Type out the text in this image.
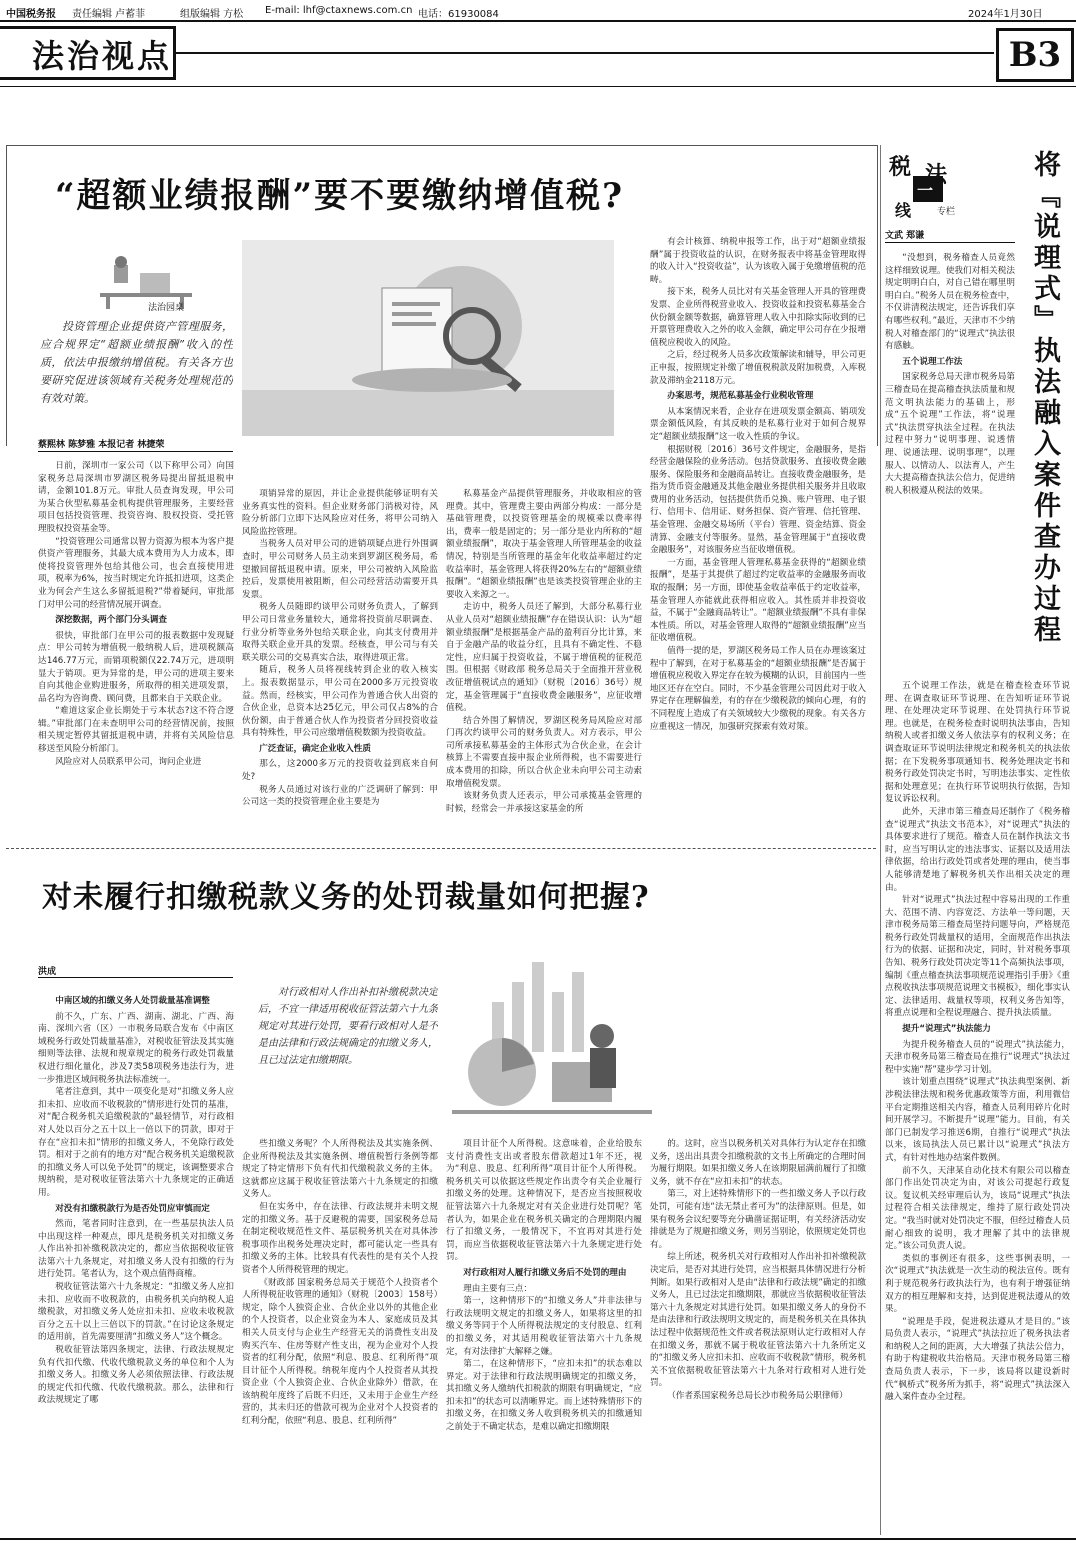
中国税务报 责任编辑 卢蓄菲	组版编辑 方松 E-mail: lhf@ctaxnews.com.cn 电话：61930084	2024年1月30日
法治视点	B3
“超额业绩报酬”要不要缴纳增值税?
法治园桌

投资管理企业提供资产管理服务，应合规界定“超额业绩报酬”收入的性质，依法申报缴纳增值税。有关各方也要研究促进该领域有关税务处理规范的有效对策。

蔡熙林 陈梦雅 本报记者 林捷荣

日前，深圳市一家公司（以下称甲公司）向国家税务总局深圳市罗湖区税务局提出留抵退税申请，金额101.8万元。审批人员查询发现，甲公司为某合伙型私募基金机构提供管理服务，主要经营项目包括投资管理、投资咨询、股权投资、受托管理股权投资基金等。

“投资管理公司通常以智力资源为根本为客户提供资产管理服务，其最大成本费用为人力成本，即使将投资管理外包给其他公司，也会直接使用进项，税率为6%，按当时规定允许抵扣进项，这类企业为何会产生这么多留抵退税?”带着疑问，审批部门对甲公司的经营情况展开调查。

深挖数据，两个部门分头调查

很快，审批部门在甲公司的报表数据中发现疑点：甲公司转为增值税一般纳税人后，进项税额高达146.77万元，而销项税额仅22.74万元，进项明显大于销项。更为异常的是，甲公司的进项主要来自向其他企业购进服务，所取得的相关进项发票，品名均为咨询费、顾问费，且都来自于关联企业。

“难道这家企业长期处于亏本状态?这不符合逻辑。”审批部门在未查明甲公司的经营情况前，按照相关规定暂停其留抵退税申请，并将有关风险信息移送至风险分析部门。

风险应对人员联系甲公司，询问企业进

项销异常的原因，并让企业提供能够证明有关业务真实性的资料。但企业财务部门消极对待，风险分析部门立即下达风险应对任务，将甲公司纳入风险监控管理。

当税务人员对甲公司的进销项疑点进行外围调查时，甲公司财务人员主动来到罗湖区税务局，希望撤回留抵退税申请。原来，甲公司被纳入风险监控后，发票使用被阻断，但公司经营活动需要开具发票。

税务人员随即约谈甲公司财务负责人，了解到甲公司日常业务量较大，通常将投资前尽职调查、行业分析等业务外包给关联企业，向其支付费用并取得关联企业开具的发票。经核查，甲公司与有关联关联公司的交易真实合法，取得进项正常。

随后，税务人员将视线转到企业的收入核实上。报表数据显示，甲公司在2000多万元投资收益。然而，经核实，甲公司作为普通合伙人出资的合伙企业，总资本达25亿元，甲公司仅占8%的合伙份额，由于普通合伙人作为投资者分回投资收益具有特殊性，甲公司应缴增值税数额为投资收益。

广泛查证，确定企业收入性质

那么，这2000多万元的投资收益到底来自何处?

税务人员通过对该行业的广泛调研了解到：甲公司这一类的投资管理企业主要是为

私募基金产品提供管理服务，并收取相应的管理费。其中，管理费主要由两部分构成：一部分是基础管理费，以投资管理基金的规模乘以费率得出，费率一般是固定的；另一部分是业内所称的“超额业绩报酬”，取决于基金管理人所管理基金的收益情况，特别是当所管理的基金年化收益率超过约定收益率时，基金管理人将获得20%左右的“超额业绩报酬”。“超额业绩报酬”也是该类投资管理企业的主要收入来源之一。

走访中，税务人员还了解到，大部分私募行业从业人员对“超额业绩报酬”存在错误认识：认为“超额业绩报酬”是根据基金产品的盈利百分比计算，来自于金融产品的收益分红，且具有不确定性、不稳定性，应归属于投资收益，不属于增值税的征税范围。但根据《财政部 税务总局关于全面推开营业税改征增值税试点的通知》（财税〔2016〕36号）规定，基金管理属于“直接收费金融服务”，应征收增值税。

结合外围了解情况，罗湖区税务局风险应对部门再次约谈甲公司的财务负责人。对方表示，甲公司所承接私募基金的主体形式为合伙企业，在会计核算上不需要直接申报企业所得税，也不需要进行成本费用的扣除，所以合伙企业未向甲公司主动索取增值税发票。

该财务负责人还表示，甲公司承揽基金管理的时候，经常会一并承接这家基金的所

有会计核算、纳税申报等工作，出于对“超额业绩报酬”属于投资收益的认识，在财务报表中将基金管理取得的收入计入“投资收益”，认为该收入属于免缴增值税的范畴。

接下来，税务人员比对有关基金管理人开具的管理费发票、企业所得税营业收入、投资收益和投资私募基金合伙份额金额等数据，确算管理人收入中扣除实际收到的已开票管理费收入之外的收入金额，确定甲公司存在少报增值税应税收入的风险。

之后，经过税务人员多次政策解读和辅导，甲公司更正申报，按照规定补缴了增值税税款及附加税费，入库税款及滞纳金2118万元。

办案思考，规范私募基金行业税收管理

从本案情况来看，企业存在进项发票金额高、销项发票金额低风险，有其反映的是私募行业对于如何合规界定“超额业绩报酬”这一收入性质的争议。

根据财税〔2016〕36号文件规定，金融服务，是指经营金融保险的业务活动。包括贷款服务、直接收费金融服务、保险服务和金融商品转让。直接收费金融服务，是指为货币资金融通及其他金融业务提供相关服务并且收取费用的业务活动，包括提供货币兑换、账户管理、电子银行、信用卡、信用证、财务担保、资产管理、信托管理、基金管理、金融交易场所（平台）管理、资金结算、资金清算、金融支付等服务。显然，基金管理属于“直接收费金融服务”，对该服务应当征收增值税。

一方面，基金管理人管理私募基金获得的“超额业绩报酬”，是基于其提供了超过约定收益率的金融服务而收取的报酬；另一方面，即使基金收益率低于约定收益率，基金管理人亦能就此获得相应收入。其性质并非投资收益，不属于“金融商品转让”。“超额业绩报酬”不具有非保本性质。所以，对基金管理人取得的“超额业绩报酬”应当征收增值税。

值得一提的是，罗湖区税务局工作人员在办理该案过程中了解到，在对于私募基金的“超额业绩报酬”是否属于增值税应税收入界定存在较为模糊的认识，目前国内一些地区还存在空白。同时，不少基金管理公司因此对于收入界定存在理解偏差，有的存在少缴税款的倾向心理，有的不同程度上造成了有关领域较大少缴税的现象。有关各方应重视这一情况，加强研究探索有效对策。

对未履行扣缴税款义务的处罚裁量如何把握?
洪成

对行政相对人作出补扣补缴税款决定后，不宜一律适用税收征管法第六十九条规定对其进行处罚，要看行政相对人是不是由法律和行政法规确定的扣缴义务人，且已过法定扣缴期限。

中南区域的扣缴义务人处罚裁量基准调整

前不久，广东、广西、湖南、湖北、广西、海南、深圳六省（区）一市税务局联合发布《中南区域税务行政处罚裁量基准》，对税收征管法及其实施细则等法律、法规和规章规定的税务行政处罚裁量权进行细化量化，涉及7类58项税务违法行为，进一步推进区域间税务执法标准统一。

笔者注意到，其中一项变化是对“扣缴义务人应扣未扣、应收而不收税款的”情形进行处罚的基准，对“配合税务机关追缴税款的”最轻情节，对行政相对人处以百分之五十以上一倍以下的罚款，即对于存在“应扣未扣”情形的扣缴义务人，不免除行政处罚。相对于之前有的地方对“配合税务机关追缴税款的扣缴义务人可以免予处罚”的规定，该调整要求合规纳税，是对税收征管法第六十九条规定的正确适用。

对没有扣缴税款行为是否处罚应审慎而定

然而，笔者同时注意到，在一些基层执法人员中出现这样一种观点，即凡是税务机关对扣缴义务人作出补扣补缴税款决定的，都应当依据税收征管法第六十九条规定，对扣缴义务人没有扣缴的行为进行处罚。笔者认为，这个观点值得商榷。

税收征管法第六十九条规定：“扣缴义务人应扣未扣、应收而不收税款的，由税务机关向纳税人追缴税款，对扣缴义务人处应扣未扣、应收未收税款百分之五十以上三倍以下的罚款。”在讨论这条规定的适用前，首先需要厘清“扣缴义务人”这个概念。

税收征管法第四条规定，法律、行政法规规定负有代扣代缴、代收代缴税款义务的单位和个人为扣缴义务人。扣缴义务人必须依照法律、行政法规的规定代扣代缴、代收代缴税款。那么，法律和行政法规规定了哪

些扣缴义务呢？个人所得税法及其实施条例、企业所得税法及其实施条例、增值税暂行条例等都规定了特定情形下负有代扣代缴税款义务的主体。这就都应这属于税收征管法第六十九条规定的扣缴义务人。

但在实务中，存在法律、行政法规并未明文规定的扣缴义务。基于反避税的需要，国家税务总局在制定税收规范性文件、基层税务机关在对具体涉税事项作出税务处理决定时，都可能认定一些具有扣缴义务的主体。比较具有代表性的是有关个人投资者个人所得税管理的规定。

《财政部 国家税务总局关于规范个人投资者个人所得税征收管理的通知》（财税〔2003〕158号）规定，除个人独资企业、合伙企业以外的其他企业的个人投资者，以企业资金为本人、家庭成员及其相关人员支付与企业生产经营无关的消费性支出及购买汽车、住房等财产性支出，视为企业对个人投资者的红利分配，依照“利息、股息、红利所得”项目计征个人所得税。纳税年度内个人投资者从其投资企业（个人独资企业、合伙企业除外）借款，在该纳税年度终了后既不归还，又未用于企业生产经营的，其未归还的借款可视为企业对个人投资者的红利分配，依照“利息、股息、红利所得”

项目计征个人所得税。这意味着，企业给股东支付消费性支出或者股东借款超过1年不还，视为“利息、股息、红利所得”项目计征个人所得税。税务机关可以依据这些规定作出责令有关企业履行扣缴义务的处理。这种情况下，是否应当按照税收征管法第六十九条规定对有关企业进行处罚呢？笔者认为，如果企业在税务机关确定的合理期限内履行了扣缴义务，一般情况下，不宜再对其进行处罚，而应当依据税收征管法第六十九条规定进行处罚。

对行政相对人履行扣缴义务后不处罚的理由

理由主要有三点：

第一，这种情形下的“扣缴义务人”并非法律与行政法规明文规定的扣缴义务人，如果将这里的扣缴义务等同于个人所得税法规定的支付股息、红利的扣缴义务，对其适用税收征管法第六十九条规定，有对法律扩大解释之嫌。

第二，在这种情形下，“应扣未扣”的状态难以界定。对于法律和行政法规明确规定的扣缴义务，其扣缴义务人缴纳代扣税款的期限有明确规定，“应扣未扣”的状态可以清晰界定。而上述特殊情形下的扣缴义务，在扣缴义务人收到税务机关的扣缴通知之前处于不确定状态，是难以确定扣缴期限

的。这时，应当以税务机关对具体行为认定存在扣缴义务，送出出具责令扣缴税款的文书上所确定的合理时间为履行期限。如果扣缴义务人在该期限届满前履行了扣缴义务，就不存在“应扣未扣”的状态。

第三，对上述特殊情形下的一些扣缴义务人予以行政处罚，可能有违“法无禁止者可为”的法律原则。但是，如果有税务会议纪要等充分确凿证据证明，有关经济活动安排就是为了规避扣缴义务，则另当别论，依照规定处罚也有。

综上所述，税务机关对行政相对人作出补扣补缴税款决定后，是否对其进行处罚，应当根据具体情况进行分析判断。如果行政相对人是由“法律和行政法规”确定的扣缴义务人，且已过法定扣缴期限，那就应当依据税收征管法第六十九条规定对其进行处罚。如果扣缴义务人的身份不是由法律和行政法规明文规定的，而是税务机关在具体执法过程中依据规范性文件或者税法原则认定行政相对人存在扣缴义务，那就不属于税收征管法第六十九条所定义的“扣缴义务人应扣未扣、应收而不收税款”情形，税务机关不宜依据税收征管法第六十九条对行政相对人进行处罚。

（作者系国家税务总局长沙市税务局公职律师）

税 法
一
线	专栏	将『说理式』执法融入案件查办过程
文武 郑谦

“没想到，税务稽查人员竟然这样细致说理。使我们对相关税法规定明明白白，对自己错在哪里明明白白。”税务人员在税务检查中，不仅讲清税法规定，还告诉我们享有哪些权利。”最近，天津市不少纳税人对稽查部门的“说理式”执法很有感触。

五个说理工作法

国家税务总局天津市税务局第三稽查局在提高稽查执法质量和规范文明执法能力的基础上，形成“五个说理”工作法，将“说理式”执法贯穿执法全过程。在执法过程中努力“说明事理、说透情理、说通法理、说明事理”，以理服人、以情动人、以法育人，产生大大提高稽查执法公信力，促进纳税人积极遵从税法的效果。

五个说理工作法，就是在稽查检查环节说理、在调查取证环节说理、在告知听证环节说理、在处理决定环节说理、在处罚执行环节说理。也就是，在税务检查时说明执法事由，告知纳税人或者扣缴义务人依法享有的权利义务；在调查取证环节说明法律规定和税务机关的执法依据；在下发税务事项通知书、税务处理决定书和税务行政处罚决定书时，写明违法事实、定性依据和处理意见；在执行环节说明执行依据，告知复议诉讼权利。

此外，天津市第三稽查局还制作了《税务稽查“说理式”执法文书范本》，对“说理式”执法的具体要求进行了规范。稽查人员在制作执法文书时，应当写明认定的违法事实、证据以及适用法律依据，给出行政处罚或者处理的理由，使当事人能够清楚地了解税务机关作出相关决定的理由。

针对“说理式”执法过程中容易出现的工作重大、范围不清、内容宽泛、方法单一等问题，天津市税务局第三稽查局坚持问题导向，严格规范税务行政处罚裁量权的适用，全面规范作出执法行为的依据、证据和决定，同时，针对税务事项告知、税务行政处罚决定等11个高频执法事项，编制《重点稽查执法事项规范说理指引手册》《重点税收执法事项规范说理文书模板》，细化事实认定、法律适用、裁量权等项，权利义务告知等，将重点说理和全程说理融合、提升执法质量。

提升“说理式”执法能力

为提升税务稽查人员的“说理式”执法能力，天津市税务局第三稽查局在推行“说理式”执法过程中实施“帮”建步学习计划。

该计划重点围绕“说理式”执法典型案例、新涉税法律法规和税务优惠政策等方面，利用微信平台定期推送相关内容，稽查人员利用碎片化时间开展学习。不断提升“说理”能力。目前，有关部门已制发学习推送6期，自推行“说理式”执法以来，该局执法人员已累计以“说理式”执法方式，有针对性地办结案件数例。

前不久，天津某自动化技术有限公司以稽查部门作出处罚决定为由，对该公司提起行政复议。复议机关经审理后认为，该局“说理式”执法过程符合相关法律规定，维持了原行政处罚决定。“我当时就对处罚决定不服，但经过稽查人员耐心细致的说明，我才理解了其中的法律规定。”该公司负责人说。

类似的事例还有很多，这些事例表明，一次“说理式”执法就是一次生动的税法宣传。既有利于规范税务行政执法行为，也有利于增强征纳双方的相互理解和支持，达到促进税法遵从的效果。

“说理是手段，促进税法遵从才是目的。”该局负责人表示，“说理式”执法拉近了税务执法者和纳税人之间的距离，大大增强了执法公信力，有助于构建税收共治格局。天津市税务局第三稽查局负责人表示，下一步，该局将以建设新时代“枫桥式”税务所为抓手，将“说理式”执法深入融入案件查办全过程。
